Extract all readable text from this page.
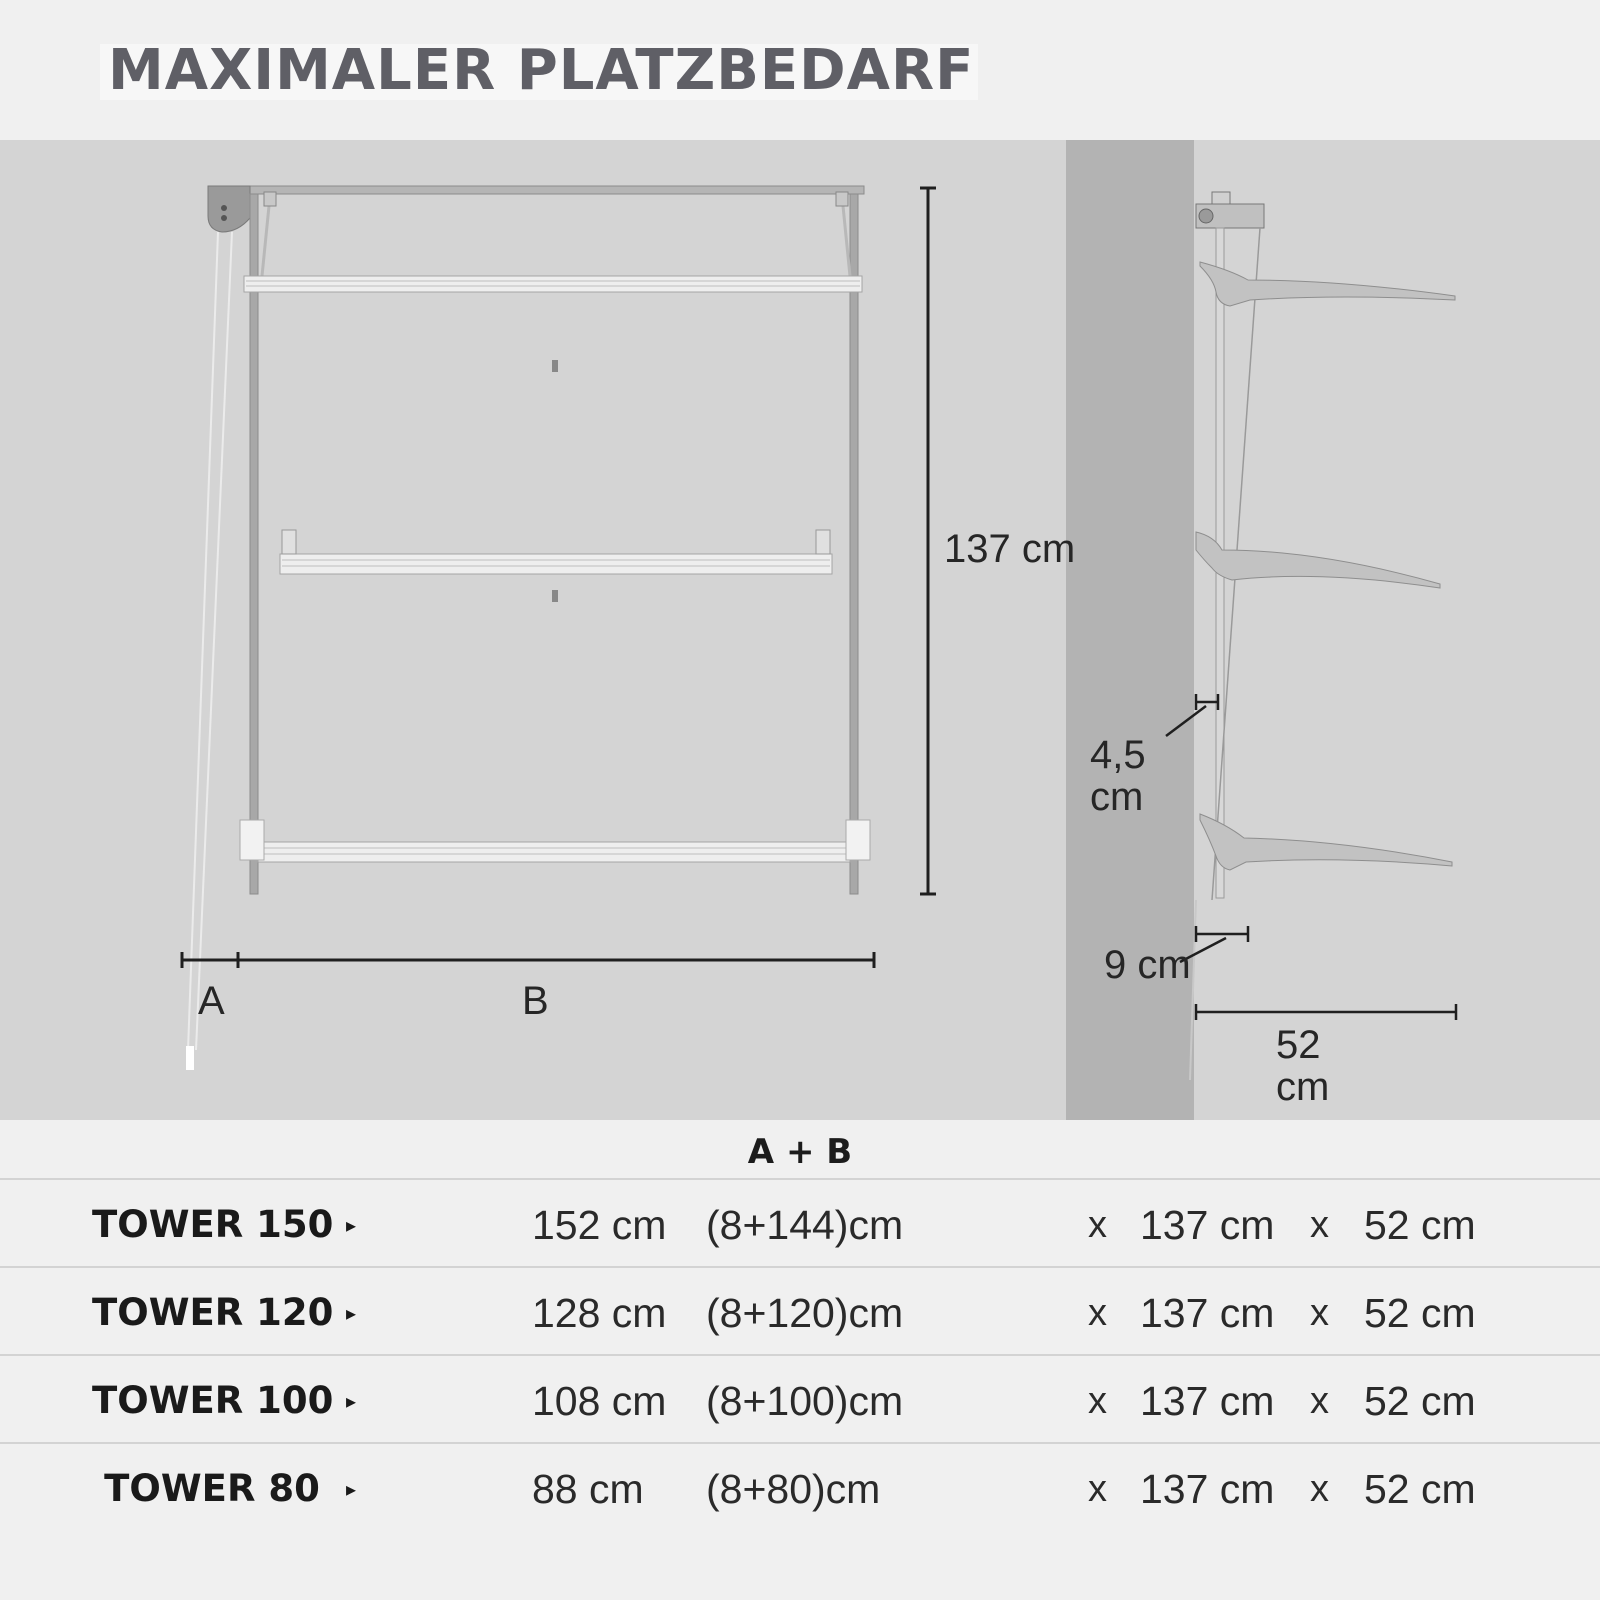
MAXIMALER PLATZBEDARF
137 cm
A	B
4,5
cm
9 cm
52
cm
A + B
TOWER 150 ▸	152 cm (8+144)cm	x 137 cm x 52 cm
TOWER 120 ▸	128 cm (8+120)cm	x 137 cm x 52 cm
TOWER 100 ▸	108 cm (8+100)cm	x 137 cm x 52 cm
TOWER 80	▸	88 cm (8+80)cm	x 137 cm x 52 cm
